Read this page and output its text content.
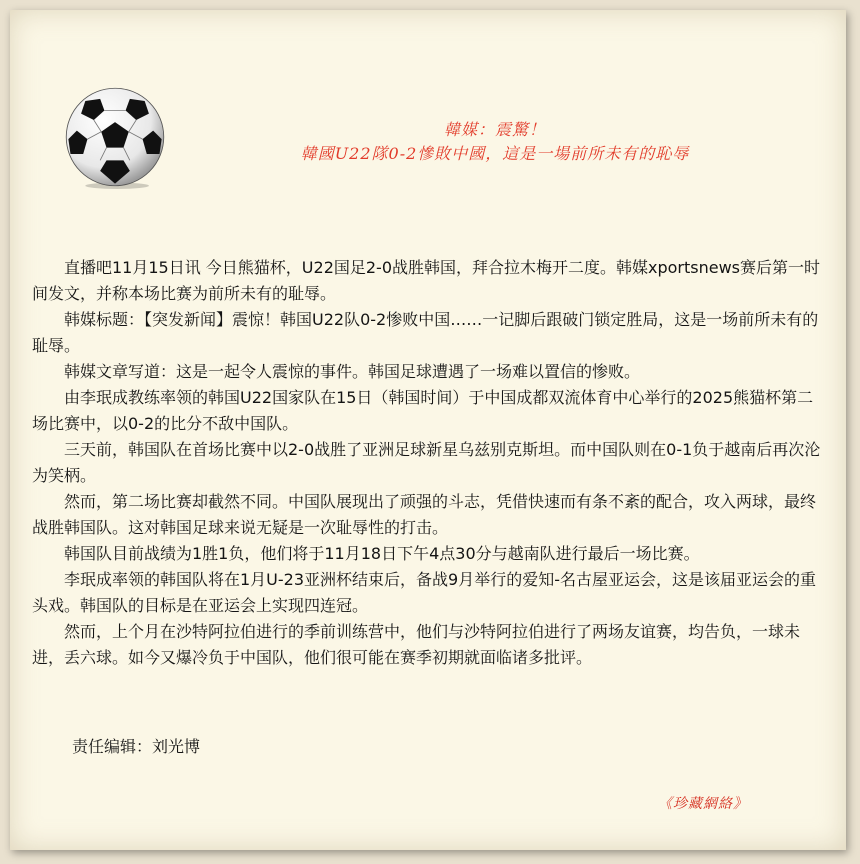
韓媒：震驚！
韓國U22隊0-2慘敗中國，這是一場前所未有的恥辱

直播吧11月15日讯 今日熊猫杯，U22国足2-0战胜韩国，拜合拉木梅开二度。韩媒xportsnews赛后第一时间发文，并称本场比赛为前所未有的耻辱。

韩媒标题：【突发新闻】震惊！韩国U22队0-2惨败中国……一记脚后跟破门锁定胜局，这是一场前所未有的耻辱。

韩媒文章写道：这是一起令人震惊的事件。韩国足球遭遇了一场难以置信的惨败。

由李珉成教练率领的韩国U22国家队在15日（韩国时间）于中国成都双流体育中心举行的2025熊猫杯第二场比赛中，以0-2的比分不敌中国队。

三天前，韩国队在首场比赛中以2-0战胜了亚洲足球新星乌兹别克斯坦。而中国队则在0-1负于越南后再次沦为笑柄。

然而，第二场比赛却截然不同。中国队展现出了顽强的斗志，凭借快速而有条不紊的配合，攻入两球，最终战胜韩国队。这对韩国足球来说无疑是一次耻辱性的打击。

韩国队目前战绩为1胜1负，他们将于11月18日下午4点30分与越南队进行最后一场比赛。

李珉成率领的韩国队将在1月U-23亚洲杯结束后，备战9月举行的爱知-名古屋亚运会，这是该届亚运会的重头戏。韩国队的目标是在亚运会上实现四连冠。

然而，上个月在沙特阿拉伯进行的季前训练营中，他们与沙特阿拉伯进行了两场友谊赛，均告负，一球未进，丢六球。如今又爆冷负于中国队，他们很可能在赛季初期就面临诸多批评。

责任编辑：刘光博
《珍藏網絡》
